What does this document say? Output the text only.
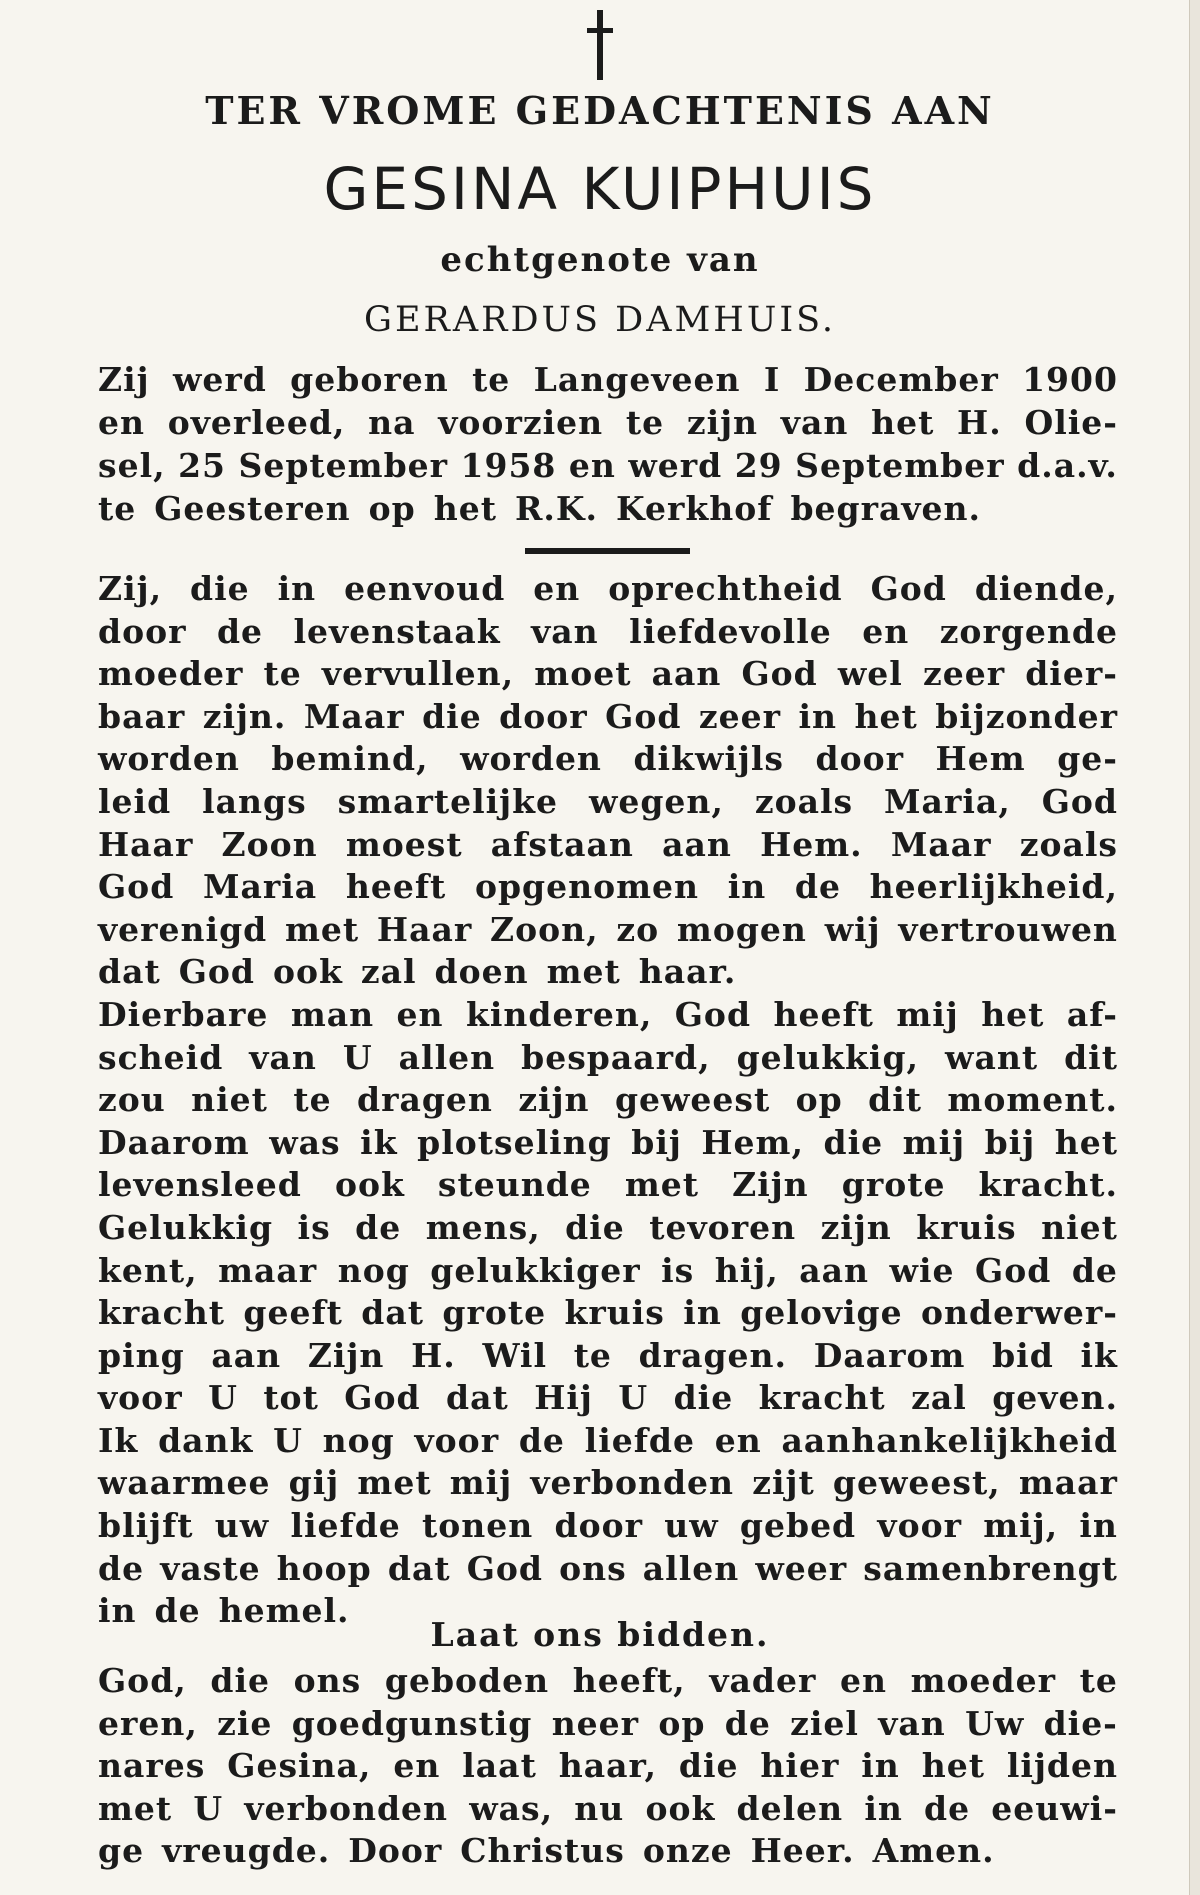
TER VROME GEDACHTENIS AAN
GESINA KUIPHUIS
echtgenote van
GERARDUS DAMHUIS.
Zij werd geboren te Langeveen I December 1900
en overleed, na voorzien te zijn van het H. Olie-
sel, 25 September 1958 en werd 29 September d.a.v.
te Geesteren op het R.K. Kerkhof begraven.
Zij, die in eenvoud en oprechtheid God diende,
door de levenstaak van liefdevolle en zorgende
moeder te vervullen, moet aan God wel zeer dier-
baar zijn. Maar die door God zeer in het bijzonder
worden bemind, worden dikwijls door Hem ge-
leid langs smartelijke wegen, zoals Maria, God
Haar Zoon moest afstaan aan Hem. Maar zoals
God Maria heeft opgenomen in de heerlijkheid,
verenigd met Haar Zoon, zo mogen wij vertrouwen
dat God ook zal doen met haar.
Dierbare man en kinderen, God heeft mij het af-
scheid van U allen bespaard, gelukkig, want dit
zou niet te dragen zijn geweest op dit moment.
Daarom was ik plotseling bij Hem, die mij bij het
levensleed ook steunde met Zijn grote kracht.
Gelukkig is de mens, die tevoren zijn kruis niet
kent, maar nog gelukkiger is hij, aan wie God de
kracht geeft dat grote kruis in gelovige onderwer-
ping aan Zijn H. Wil te dragen. Daarom bid ik
voor U tot God dat Hij U die kracht zal geven.
Ik dank U nog voor de liefde en aanhankelijkheid
waarmee gij met mij verbonden zijt geweest, maar
blijft uw liefde tonen door uw gebed voor mij, in
de vaste hoop dat God ons allen weer samenbrengt
in de hemel.
Laat ons bidden.
God, die ons geboden heeft, vader en moeder te
eren, zie goedgunstig neer op de ziel van Uw die-
nares Gesina, en laat haar, die hier in het lijden
met U verbonden was, nu ook delen in de eeuwi-
ge vreugde. Door Christus onze Heer. Amen.
